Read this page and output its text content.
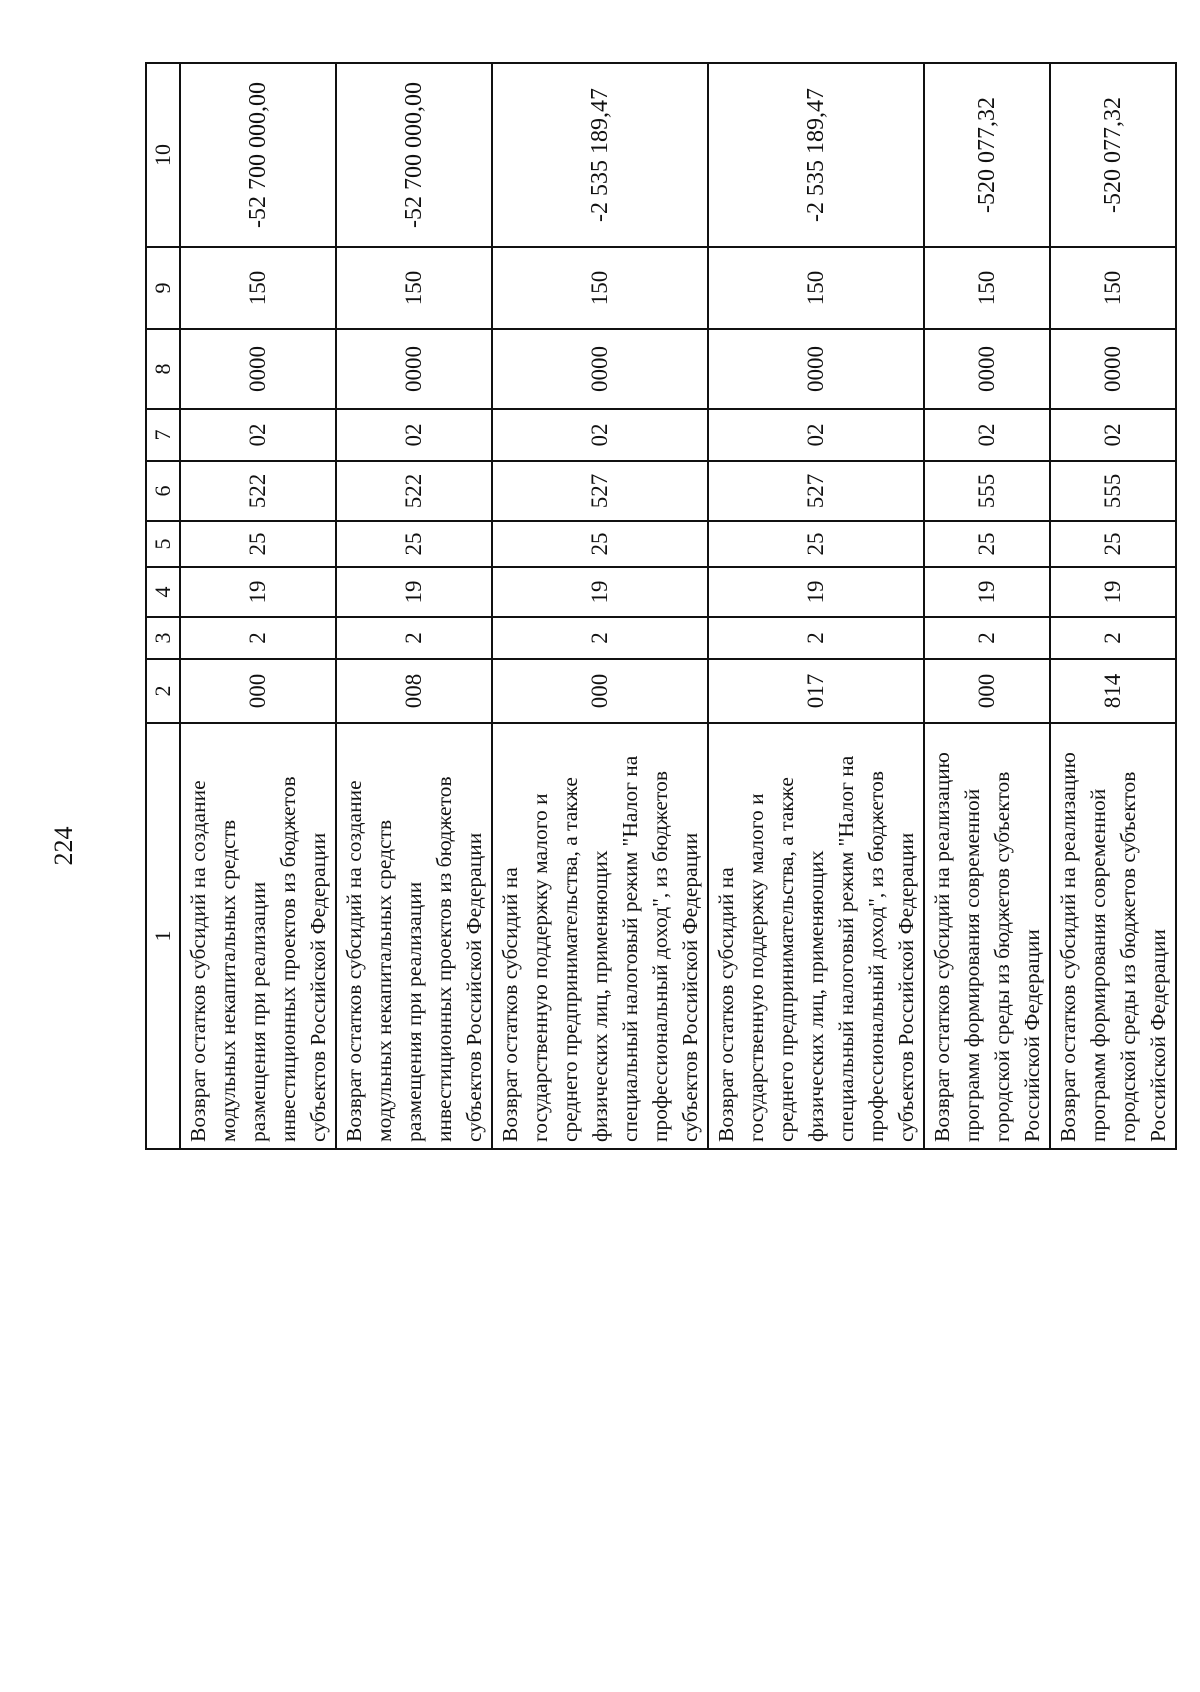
224
1	2	3	4	5	6	7	8	9	10
Возврат остатков субсидий на создание модульных некапитальных средств размещения при реализации инвестиционных проектов из бюджетов субъектов Российской Федерации	000	2	19	25	522	02	0000	150	-52 700 000,00
Возврат остатков субсидий на создание модульных некапитальных средств размещения при реализации инвестиционных проектов из бюджетов субъектов Российской Федерации	008	2	19	25	522	02	0000	150	-52 700 000,00
Возврат остатков субсидий на государственную поддержку малого и среднего предпринимательства, а также физических лиц, применяющих специальный налоговый режим "Налог на профессиональный доход", из бюджетов субъектов Российской Федерации	000	2	19	25	527	02	0000	150	-2 535 189,47
Возврат остатков субсидий на государственную поддержку малого и среднего предпринимательства, а также физических лиц, применяющих специальный налоговый режим "Налог на профессиональный доход", из бюджетов субъектов Российской Федерации	017	2	19	25	527	02	0000	150	-2 535 189,47
Возврат остатков субсидий на реализацию программ формирования современной городской среды из бюджетов субъектов Российской Федерации	000	2	19	25	555	02	0000	150	-520 077,32
Возврат остатков субсидий на реализацию программ формирования современной городской среды из бюджетов субъектов Российской Федерации	814	2	19	25	555	02	0000	150	-520 077,32
